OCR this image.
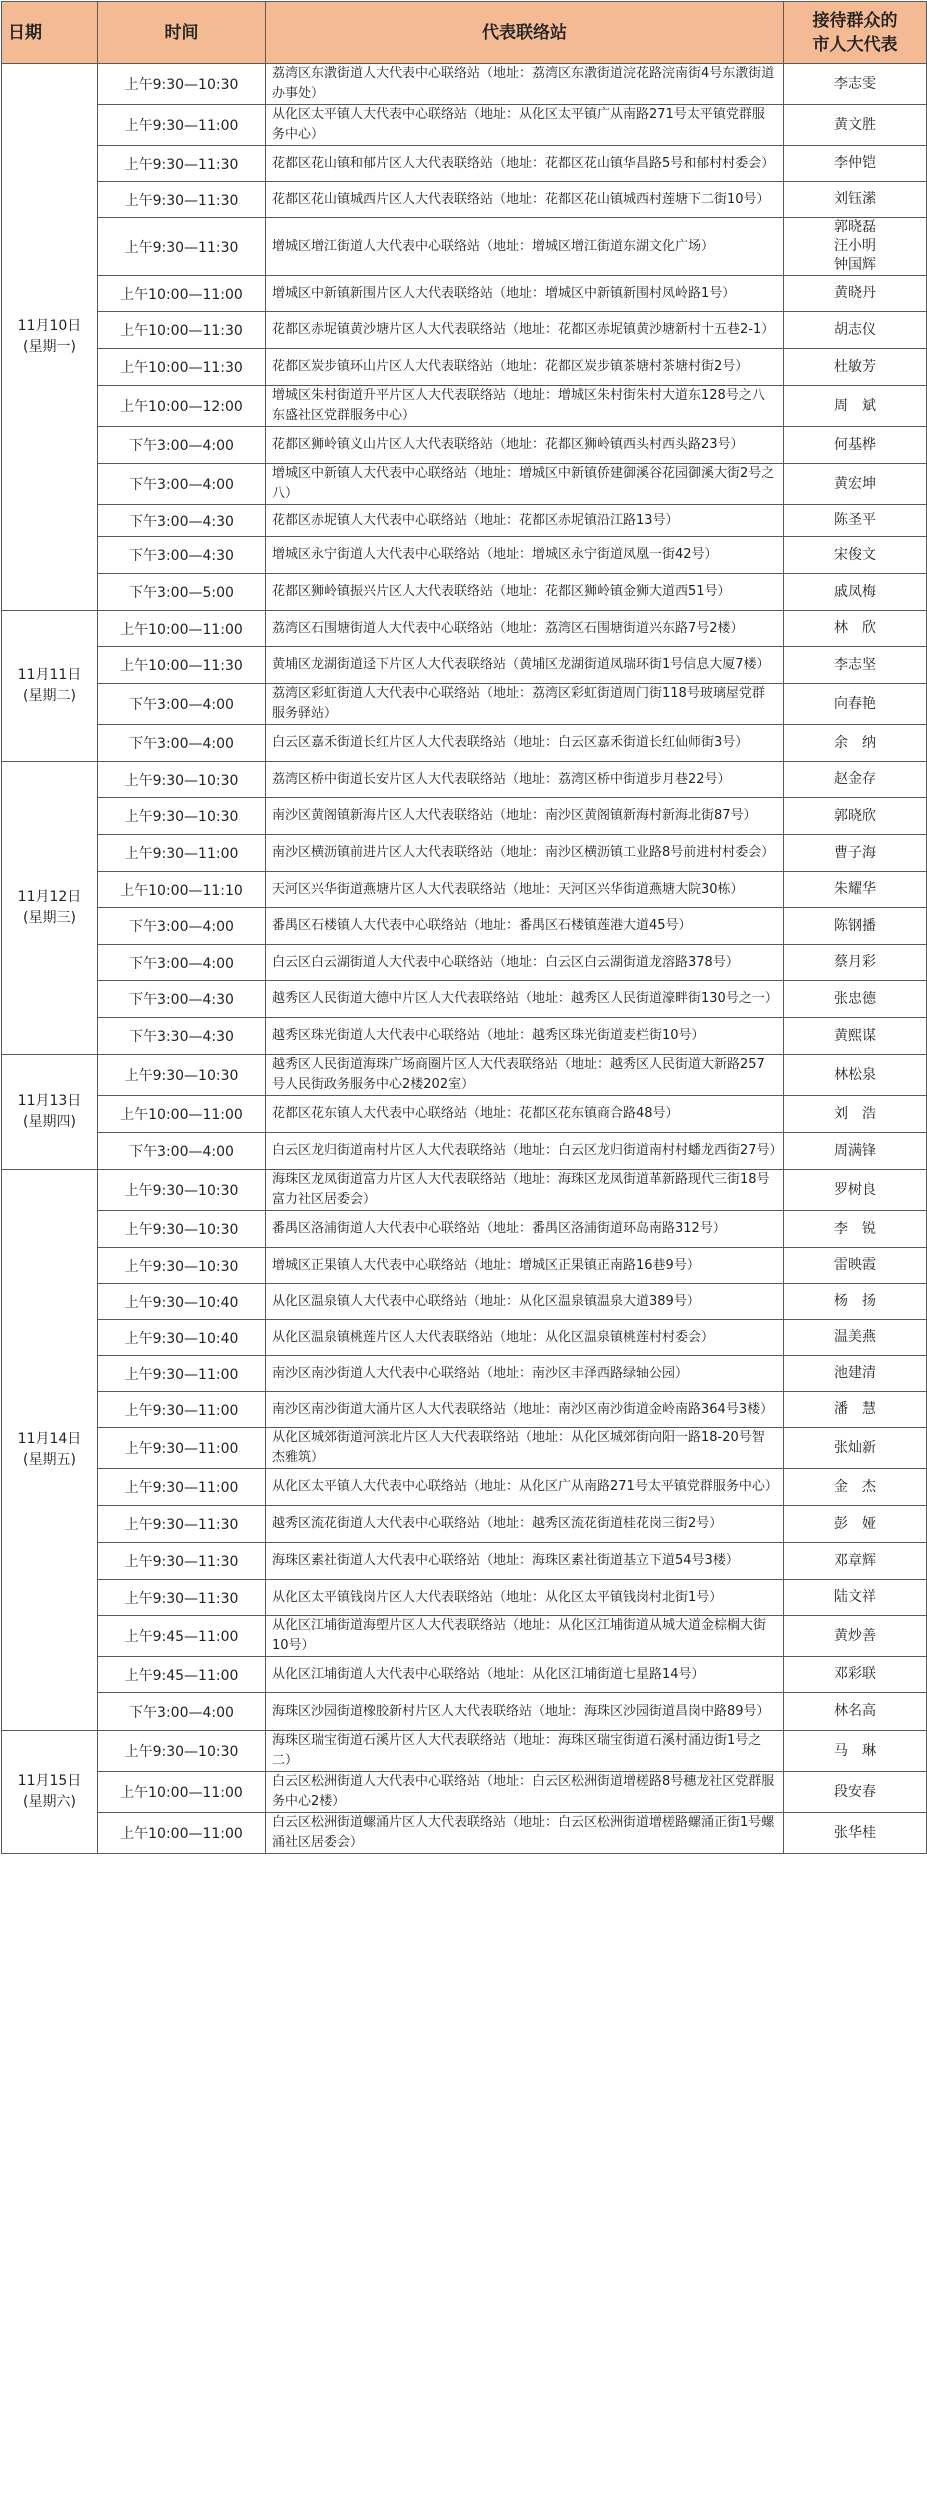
日期	时间	代表联络站	接待群众的
市人大代表

11月10日
(星期一)	上午9:30—10:30	荔湾区东漖街道人大代表中心联络站（地址：荔湾区东漖街道浣花路浣南街4号东漖街道办事处）	李志雯
	上午9:30—11:00	从化区太平镇人大代表中心联络站（地址：从化区太平镇广从南路271号太平镇党群服务中心）	黄文胜
	上午9:30—11:30	花都区花山镇和郁片区人大代表联络站（地址：花都区花山镇华昌路5号和郁村村委会）	李仲铠
	上午9:30—11:30	花都区花山镇城西片区人大代表联络站（地址：花都区花山镇城西村莲塘下二街10号）	刘钰潆
	上午9:30—11:30	增城区增江街道人大代表中心联络站（地址：增城区增江街道东湖文化广场）	郭晓磊
汪小明
钟国辉
	上午10:00—11:00	增城区中新镇新围片区人大代表联络站（地址：增城区中新镇新围村凤岭路1号）	黄晓丹
	上午10:00—11:30	花都区赤坭镇黄沙塘片区人大代表联络站（地址：花都区赤坭镇黄沙塘新村十五巷2-1）	胡志仪
	上午10:00—11:30	花都区炭步镇环山片区人大代表联络站（地址：花都区炭步镇茶塘村茶塘村街2号）	杜敏芳
	上午10:00—12:00	增城区朱村街道升平片区人大代表联络站（地址：增城区朱村街朱村大道东128号之八东盛社区党群服务中心）	周　斌
	下午3:00—4:00	花都区狮岭镇义山片区人大代表联络站（地址：花都区狮岭镇西头村西头路23号）	何基桦
	下午3:00—4:00	增城区中新镇人大代表中心联络站（地址：增城区中新镇侨建御溪谷花园御溪大街2号之八）	黄宏坤
	下午3:00—4:30	花都区赤坭镇人大代表中心联络站（地址：花都区赤坭镇沿江路13号）	陈圣平
	下午3:00—4:30	增城区永宁街道人大代表中心联络站（地址：增城区永宁街道凤凰一街42号）	宋俊文
	下午3:00—5:00	花都区狮岭镇振兴片区人大代表联络站（地址：花都区狮岭镇金狮大道西51号）	戚凤梅

11月11日
(星期二)	上午10:00—11:00	荔湾区石围塘街道人大代表中心联络站（地址：荔湾区石围塘街道兴东路7号2楼）	林　欣
	上午10:00—11:30	黄埔区龙湖街道迳下片区人大代表联络站（黄埔区龙湖街道凤瑞环街1号信息大厦7楼）	李志坚
	下午3:00—4:00	荔湾区彩虹街道人大代表中心联络站（地址：荔湾区彩虹街道周门街118号玻璃屋党群服务驿站）	向春艳
	下午3:00—4:00	白云区嘉禾街道长红片区人大代表联络站（地址：白云区嘉禾街道长红仙师街3号）	余　纳

11月12日
(星期三)	上午9:30—10:30	荔湾区桥中街道长安片区人大代表联络站（地址：荔湾区桥中街道步月巷22号）	赵金存
	上午9:30—10:30	南沙区黄阁镇新海片区人大代表联络站（地址：南沙区黄阁镇新海村新海北街87号）	郭晓欣
	上午9:30—11:00	南沙区横沥镇前进片区人大代表联络站（地址：南沙区横沥镇工业路8号前进村村委会）	曹子海
	上午10:00—11:10	天河区兴华街道燕塘片区人大代表联络站（地址：天河区兴华街道燕塘大院30栋）	朱耀华
	下午3:00—4:00	番禺区石楼镇人大代表中心联络站（地址：番禺区石楼镇莲港大道45号）	陈钢播
	下午3:00—4:00	白云区白云湖街道人大代表中心联络站（地址：白云区白云湖街道龙溶路378号）	蔡月彩
	下午3:00—4:30	越秀区人民街道大德中片区人大代表联络站（地址：越秀区人民街道濠畔街130号之一）	张忠德
	下午3:30—4:30	越秀区珠光街道人大代表中心联络站（地址：越秀区珠光街道麦栏街10号）	黄熙谋

11月13日
(星期四)	上午9:30—10:30	越秀区人民街道海珠广场商圈片区人大代表联络站（地址：越秀区人民街道大新路257号人民街政务服务中心2楼202室）	林松泉
	上午10:00—11:00	花都区花东镇人大代表中心联络站（地址：花都区花东镇商合路48号）	刘　浩
	下午3:00—4:00	白云区龙归街道南村片区人大代表联络站（地址：白云区龙归街道南村村蟠龙西街27号）	周满锋

11月14日
(星期五)	上午9:30—10:30	海珠区龙凤街道富力片区人大代表联络站（地址：海珠区龙凤街道革新路现代三街18号富力社区居委会）	罗树良
	上午9:30—10:30	番禺区洛浦街道人大代表中心联络站（地址：番禺区洛浦街道环岛南路312号）	李　锐
	上午9:30—10:30	增城区正果镇人大代表中心联络站（地址：增城区正果镇正南路16巷9号）	雷映霞
	上午9:30—10:40	从化区温泉镇人大代表中心联络站（地址：从化区温泉镇温泉大道389号）	杨　扬
	上午9:30—10:40	从化区温泉镇桃莲片区人大代表联络站（地址：从化区温泉镇桃莲村村委会）	温美燕
	上午9:30—11:00	南沙区南沙街道人大代表中心联络站（地址：南沙区丰泽西路绿轴公园）	池建清
	上午9:30—11:00	南沙区南沙街道大涌片区人大代表联络站（地址：南沙区南沙街道金岭南路364号3楼）	潘　慧
	上午9:30—11:00	从化区城郊街道河滨北片区人大代表联络站（地址：从化区城郊街向阳一路18-20号智杰雅筑）	张灿新
	上午9:30—11:00	从化区太平镇人大代表中心联络站（地址：从化区广从南路271号太平镇党群服务中心）	金　杰
	上午9:30—11:30	越秀区流花街道人大代表中心联络站（地址：越秀区流花街道桂花岗三街2号）	彭　娅
	上午9:30—11:30	海珠区素社街道人大代表中心联络站（地址：海珠区素社街道基立下道54号3楼）	邓章辉
	上午9:30—11:30	从化区太平镇钱岗片区人大代表联络站（地址：从化区太平镇钱岗村北街1号）	陆文祥
	上午9:45—11:00	从化区江埔街道海塱片区人大代表联络站（地址：从化区江埔街道从城大道金棕榈大街10号）	黄炒善
	上午9:45—11:00	从化区江埔街道人大代表中心联络站（地址：从化区江埔街道七星路14号）	邓彩联
	下午3:00—4:00	海珠区沙园街道橡胶新村片区人大代表联络站（地址：海珠区沙园街道昌岗中路89号）	林名高

11月15日
(星期六)	上午9:30—10:30	海珠区瑞宝街道石溪片区人大代表联络站（地址：海珠区瑞宝街道石溪村涌边街1号之二）	马　琳
	上午10:00—11:00	白云区松洲街道人大代表中心联络站（地址：白云区松洲街道增槎路8号穗龙社区党群服务中心2楼）	段安春
	上午10:00—11:00	白云区松洲街道螺涌片区人大代表联络站（地址：白云区松洲街道增槎路螺涌正街1号螺涌社区居委会）	张华桂
